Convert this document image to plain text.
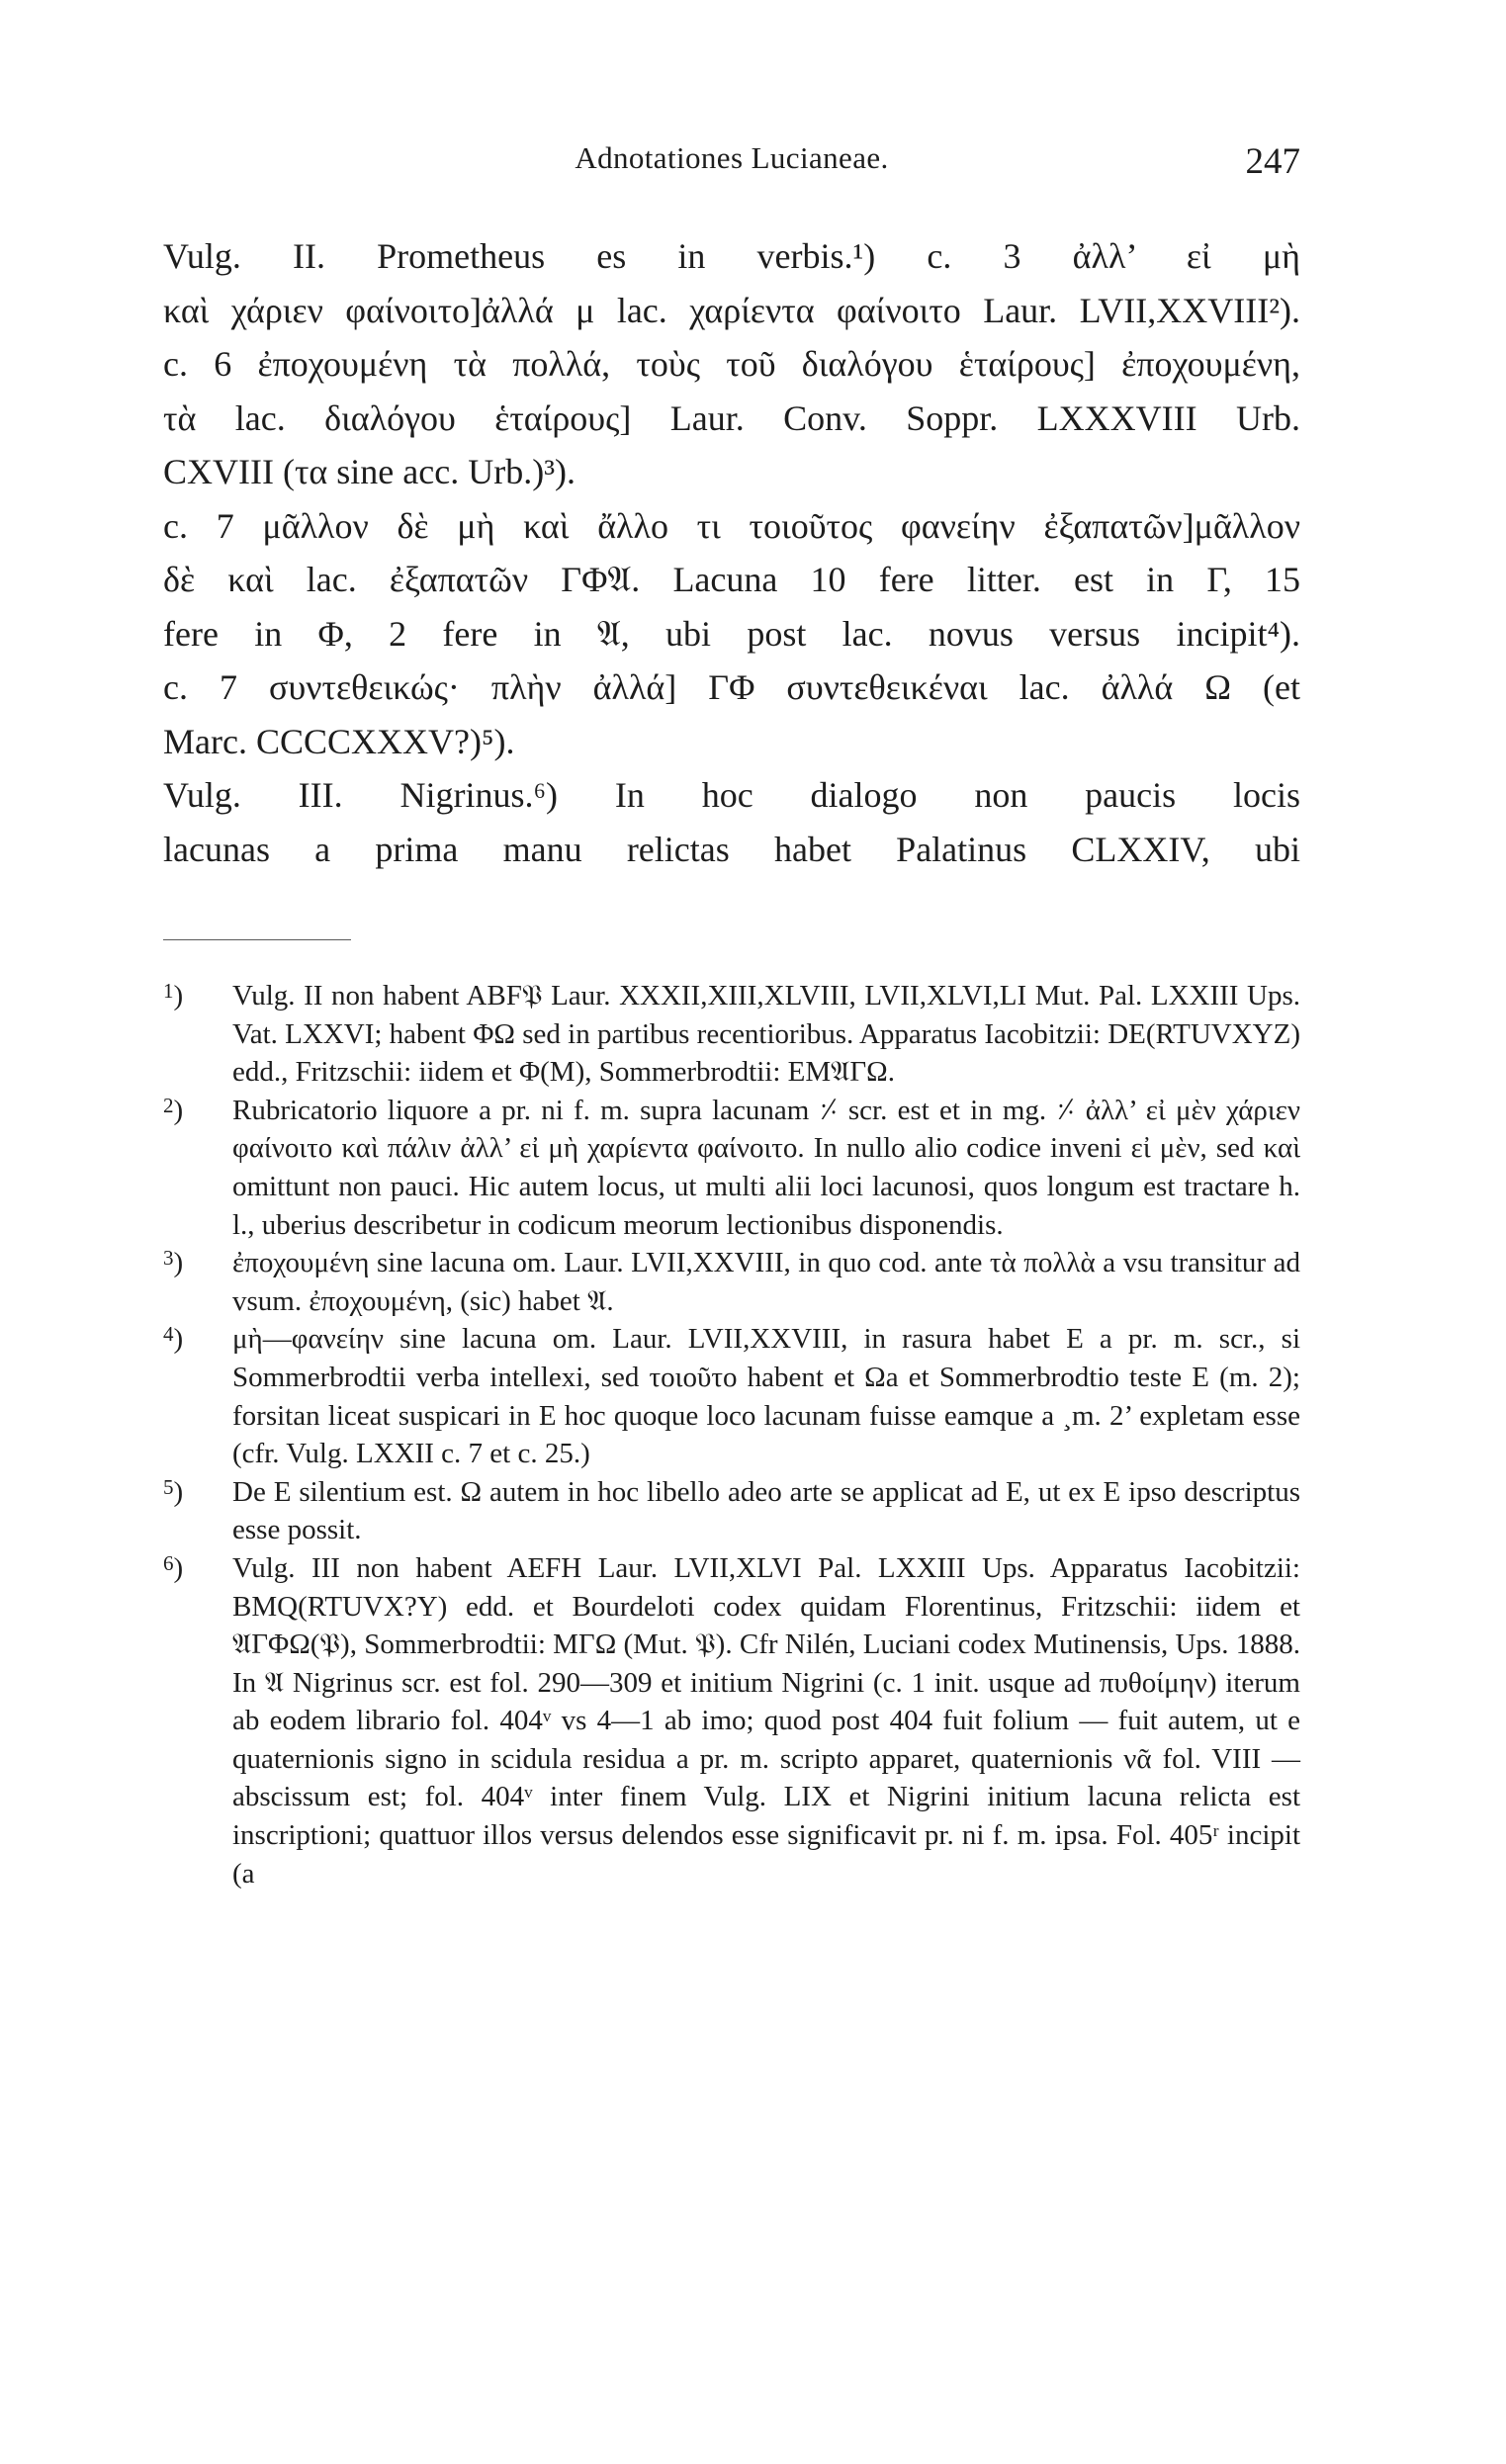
Adnotationes Lucianeae.	247

Vulg. II. Prometheus es in verbis.¹) c. 3 ἀλλ’ εἰ μὴ

καὶ χάριεν φαίνοιτο]ἀλλά μ lac. χαρίεντα φαίνοιτο Laur. LVII,XXVIII²).

c. 6 ἐποχουμένη τὰ πολλά, τοὺς τοῦ διαλόγου ἑταίρους] ἐποχουμένη,

τὰ lac. διαλόγου ἑταίρους] Laur. Conv. Soppr. LXXXVIII Urb.

CXVIII (τα sine acc. Urb.)³).

c. 7 μᾶλλον δὲ μὴ καὶ ἄλλο τι τοιοῦτος φανείην ἐξαπατῶν]μᾶλλον

δὲ καὶ lac. ἐξαπατῶν ΓΦ𝔄. Lacuna 10 fere litter. est in Γ, 15

fere in Φ, 2 fere in 𝔄, ubi post lac. novus versus incipit⁴).

c. 7 συντεθεικώς· πλὴν ἀλλά] ΓΦ συντεθεικέναι lac. ἀλλά Ω (et

Marc. CCCCXXXV?)⁵).

Vulg. III. Nigrinus.⁶) In hoc dialogo non paucis locis

lacunas a prima manu relictas habet Palatinus CLXXIV, ubi

1) Vulg. II non habent ABF𝔓 Laur. XXXII,XIII,XLVIII, LVII,XLVI,LI Mut. Pal. LXXIII Ups. Vat. LXXVI; habent ΦΩ sed in partibus recentioribus. Apparatus Iacobitzii: DE(RTUVXYZ) edd., Fritzschii: iidem et Φ(M), Sommerbrodtii: EM𝔄ΓΩ.

2) Rubricatorio liquore a pr. ni f. m. supra lacunam ⸓ scr. est et in mg. ⸓ ἀλλ’ εἰ μὲν χάριεν φαίνοιτο καὶ πάλιν ἀλλ’ εἰ μὴ χαρίεντα φαίνοιτο. In nullo alio codice inveni εἰ μὲν, sed καὶ omittunt non pauci. Hic autem locus, ut multi alii loci lacunosi, quos longum est tractare h. l., uberius describetur in codicum meorum lectionibus disponendis.

3) ἐποχουμένη sine lacuna om. Laur. LVII,XXVIII, in quo cod. ante τὰ πολλὰ a vsu transitur ad vsum. ἐποχουμένη, (sic) habet 𝔄.

4) μὴ—φανείην sine lacuna om. Laur. LVII,XXVIII, in rasura habet E a pr. m. scr., si Sommerbrodtii verba intellexi, sed τοιοῦτο habent et Ωa et Sommerbrodtio teste E (m. 2); forsitan liceat suspicari in E hoc quoque loco lacunam fuisse eamque a ¸m. 2’ expletam esse (cfr. Vulg. LXXII c. 7 et c. 25.)

5) De E silentium est. Ω autem in hoc libello adeo arte se applicat ad E, ut ex E ipso descriptus esse possit.

6) Vulg. III non habent AEFH Laur. LVII,XLVI Pal. LXXIII Ups. Apparatus Iacobitzii: BMQ(RTUVX?Y) edd. et Bourdeloti codex quidam Florentinus, Fritzschii: iidem et 𝔄ΓΦΩ(𝔓), Sommerbrodtii: MΓΩ (Mut. 𝔓). Cfr Nilén, Luciani codex Mutinensis, Ups. 1888. In 𝔄 Nigrinus scr. est fol. 290—309 et initium Nigrini (c. 1 init. usque ad πυθοίμην) iterum ab eodem librario fol. 404ᵛ vs 4—1 ab imo; quod post 404 fuit folium — fuit autem, ut e quaternionis signo in scidula residua a pr. m. scripto apparet, quaternionis νᾶ fol. VIII — abscissum est; fol. 404ᵛ inter finem Vulg. LIX et Nigrini initium lacuna relicta est inscriptioni; quattuor illos versus delendos esse significavit pr. ni f. m. ipsa. Fol. 405ʳ incipit (a
